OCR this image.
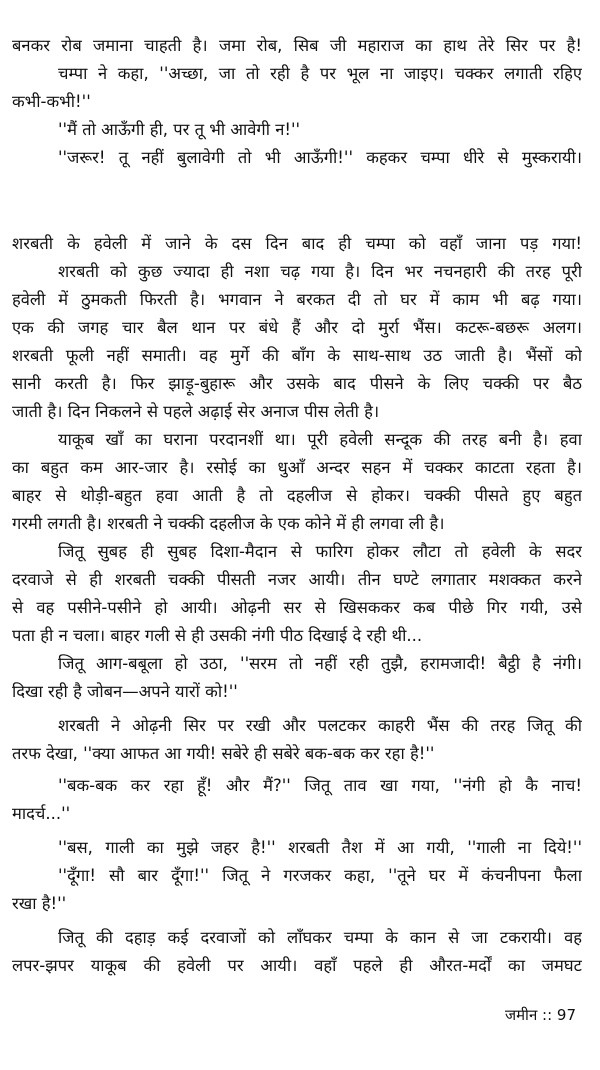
बनकर रोब जमाना चाहती है। जमा रोब, सिब जी महाराज का हाथ तेरे सिर पर है!
चम्पा ने कहा, ''अच्छा, जा तो रही है पर भूल ना जाइए। चक्कर लगाती रहिए
कभी-कभी!''
''मैं तो आऊँगी ही, पर तू भी आवेगी न!''
''जरूर! तू नहीं बुलावेगी तो भी आऊँगी!'' कहकर चम्पा धीरे से मुस्करायी।
शरबती के हवेली में जाने के दस दिन बाद ही चम्पा को वहाँ जाना पड़ गया!
शरबती को कुछ ज्यादा ही नशा चढ़ गया है। दिन भर नचनहारी की तरह पूरी
हवेली में ठुमकती फिरती है। भगवान ने बरकत दी तो घर में काम भी बढ़ गया।
एक की जगह चार बैल थान पर बंधे हैं और दो मुर्रा भैंस। कटरू-बछरू अलग।
शरबती फूली नहीं समाती। वह मुर्गे की बाँग के साथ-साथ उठ जाती है। भैंसों को
सानी करती है। फिर झाड़ू-बुहारू और उसके बाद पीसने के लिए चक्की पर बैठ
जाती है। दिन निकलने से पहले अढ़ाई सेर अनाज पीस लेती है।
याकूब खाँ का घराना परदानशीं था। पूरी हवेली सन्दूक की तरह बनी है। हवा
का बहुत कम आर-जार है। रसोई का धुआँ अन्दर सहन में चक्कर काटता रहता है।
बाहर से थोड़ी-बहुत हवा आती है तो दहलीज से होकर। चक्की पीसते हुए बहुत
गरमी लगती है। शरबती ने चक्की दहलीज के एक कोने में ही लगवा ली है।
जितू सुबह ही सुबह दिशा-मैदान से फारिग होकर लौटा तो हवेली के सदर
दरवाजे से ही शरबती चक्की पीसती नजर आयी। तीन घण्टे लगातार मशक्कत करने
से वह पसीने-पसीने हो आयी। ओढ़नी सर से खिसककर कब पीछे गिर गयी, उसे
पता ही न चला। बाहर गली से ही उसकी नंगी पीठ दिखाई दे रही थी...
जितू आग-बबूला हो उठा, ''सरम तो नहीं रही तुझै, हरामजादी! बैट्ठी है नंगी।
दिखा रही है जोबन—अपने यारों को!''
शरबती ने ओढ़नी सिर पर रखी और पलटकर काहरी भैंस की तरह जितू की
तरफ देखा, ''क्या आफत आ गयी! सबेरे ही सबेरे बक-बक कर रहा है!''
''बक-बक कर रहा हूँ! और मैं?'' जितू ताव खा गया, ''नंगी हो कै नाच!
मादर्च...''
''बस, गाली का मुझे जहर है!'' शरबती तैश में आ गयी, ''गाली ना दिये!''
''दूँगा! सौ बार दूँगा!'' जितू ने गरजकर कहा, ''तूने घर में कंचनीपना फैला
रखा है!''
जितू की दहाड़ कई दरवाजों को लाँघकर चम्पा के कान से जा टकरायी। वह
लपर-झपर याकूब की हवेली पर आयी। वहाँ पहले ही औरत-मर्दों का जमघट
जमीन :: 97
